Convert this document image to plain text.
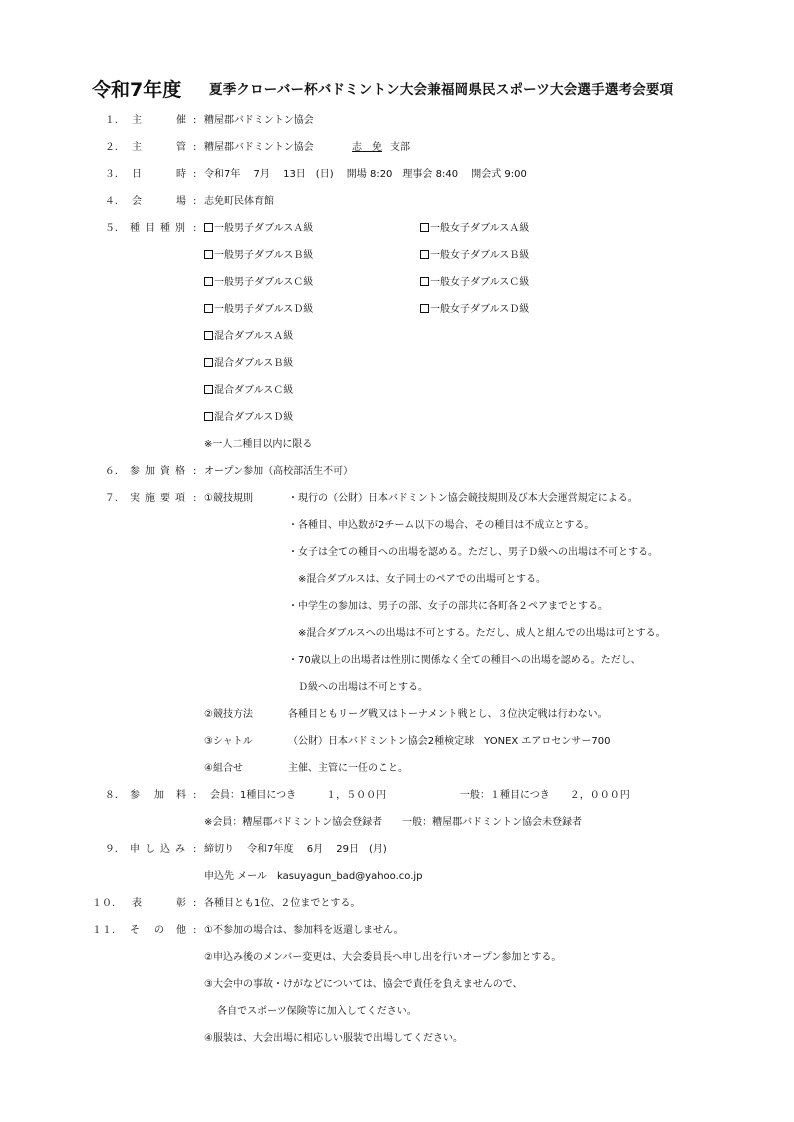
令和7年度 夏季クローバー杯バドミントン大会兼福岡県民スポーツ大会選手選考会要項
１. 主	催 : 糟屋郡バドミントン協会
２. 主	管 : 糟屋郡バドミントン協会	志　免 支部
３. 日	時 : 令和7年　 7月　 13日　(日)　 開場 8:20　理事会 8:40　 開会式 9:00
４. 会	場 : 志免町民体育館
５. 種 目 種 別 :	一般男子ダブルスＡ級	一般女子ダブルスＡ級
一般男子ダブルスＢ級	一般女子ダブルスＢ級
一般男子ダブルスＣ級	一般女子ダブルスＣ級
一般男子ダブルスＤ級	一般女子ダブルスＤ級
混合ダブルスＡ級
混合ダブルスＢ級
混合ダブルスＣ級
混合ダブルスＤ級
※一人二種目以内に限る
６. 参 加 資 格 : オープン参加（高校部活生不可）
７. 実 施 要 項 : ①競技規則	・現行の（公財）日本バドミントン協会競技規則及び本大会運営規定による。
・各種目、申込数が2チーム以下の場合、その種目は不成立とする。
・女子は全ての種目への出場を認める。ただし、男子Ｄ級への出場は不可とする。
　※混合ダブルスは、女子同士のペアでの出場可とする。
・中学生の参加は、男子の部、女子の部共に各町各２ペアまでとする。
　※混合ダブルスへの出場は不可とする。ただし、成人と組んでの出場は可とする。
・70歳以上の出場者は性別に関係なく全ての種目への出場を認める。ただし、
　Ｄ級への出場は不可とする。
②競技方法	各種目ともリーグ戦又はトーナメント戦とし、３位決定戦は行わない。
③シャトル	（公財）日本バドミントン協会2種検定球　YONEX エアロセンサー700
④組合せ	主催、主管に一任のこと。
８. 参 加 料 : 会員：1種目につき　　　１，５００円	一般：１種目につき　　２，０００円
※会員：糟屋郡バドミントン協会登録者　　一般：糟屋郡バドミントン協会未登録者
９. 申 し 込 み : 締切り　 令和7年度　 6月　 29日　(月)
申込先 メール　kasuyagun_bad@yahoo.co.jp
１０. 表	彰 : 各種目とも1位、２位までとする。
１１. そ の 他 : ①不参加の場合は、参加料を返還しません。
②申込み後のメンバー変更は、大会委員長へ申し出を行いオープン参加とする。
③大会中の事故・けがなどについては、協会で責任を負えませんので、
　 各自でスポーツ保険等に加入してください。
④服装は、大会出場に相応しい服装で出場してください。
